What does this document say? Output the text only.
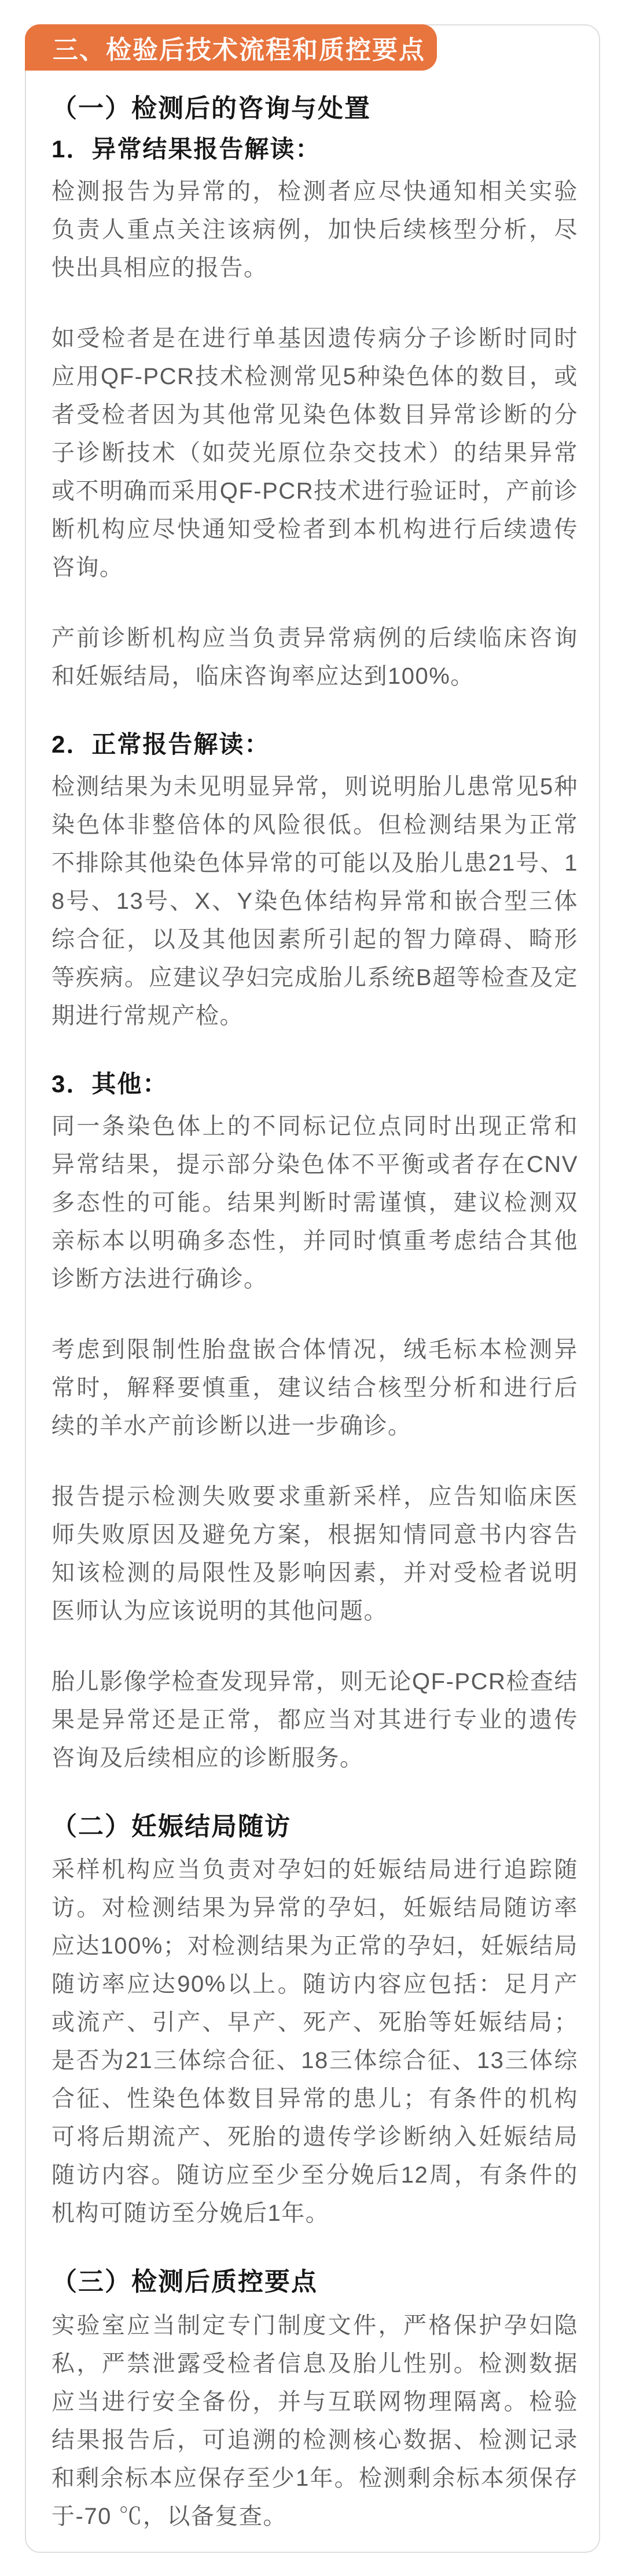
三、检验后技术流程和质控要点
（一）检测后的咨询与处置
1．异常结果报告解读：

检测报告为异常的，检测者应尽快通知相关实验负责人重点关注该病例，加快后续核型分析，尽快出具相应的报告。

如受检者是在进行单基因遗传病分子诊断时同时应用QF-PCR技术检测常见5种染色体的数目，或者受检者因为其他常见染色体数目异常诊断的分子诊断技术（如荧光原位杂交技术）的结果异常或不明确而采用QF-PCR技术进行验证时，产前诊断机构应尽快通知受检者到本机构进行后续遗传咨询。

产前诊断机构应当负责异常病例的后续临床咨询和妊娠结局，临床咨询率应达到100%。

2．正常报告解读：

检测结果为未见明显异常，则说明胎儿患常见5种染色体非整倍体的风险很低。但检测结果为正常不排除其他染色体异常的可能以及胎儿患21号、18号、13号、X、Y染色体结构异常和嵌合型三体综合征，以及其他因素所引起的智力障碍、畸形等疾病。应建议孕妇完成胎儿系统B超等检查及定期进行常规产检。

3．其他：

同一条染色体上的不同标记位点同时出现正常和异常结果，提示部分染色体不平衡或者存在CNV多态性的可能。结果判断时需谨慎，建议检测双亲标本以明确多态性，并同时慎重考虑结合其他诊断方法进行确诊。

考虑到限制性胎盘嵌合体情况，绒毛标本检测异常时，解释要慎重，建议结合核型分析和进行后续的羊水产前诊断以进一步确诊。

报告提示检测失败要求重新采样，应告知临床医师失败原因及避免方案，根据知情同意书内容告知该检测的局限性及影响因素，并对受检者说明医师认为应该说明的其他问题。

胎儿影像学检查发现异常，则无论QF-PCR检查结果是异常还是正常，都应当对其进行专业的遗传咨询及后续相应的诊断服务。

（二）妊娠结局随访

采样机构应当负责对孕妇的妊娠结局进行追踪随访。对检测结果为异常的孕妇，妊娠结局随访率应达100%；对检测结果为正常的孕妇，妊娠结局随访率应达90%以上。随访内容应包括：足月产或流产、引产、早产、死产、死胎等妊娠结局；是否为21三体综合征、18三体综合征、13三体综合征、性染色体数目异常的患儿；有条件的机构可将后期流产、死胎的遗传学诊断纳入妊娠结局随访内容。随访应至少至分娩后12周，有条件的机构可随访至分娩后1年。

（三）检测后质控要点

实验室应当制定专门制度文件，严格保护孕妇隐私，严禁泄露受检者信息及胎儿性别。检测数据应当进行安全备份，并与互联网物理隔离。检验结果报告后，可追溯的检测核心数据、检测记录和剩余标本应保存至少1年。检测剩余标本须保存于-70 ℃，以备复查。
